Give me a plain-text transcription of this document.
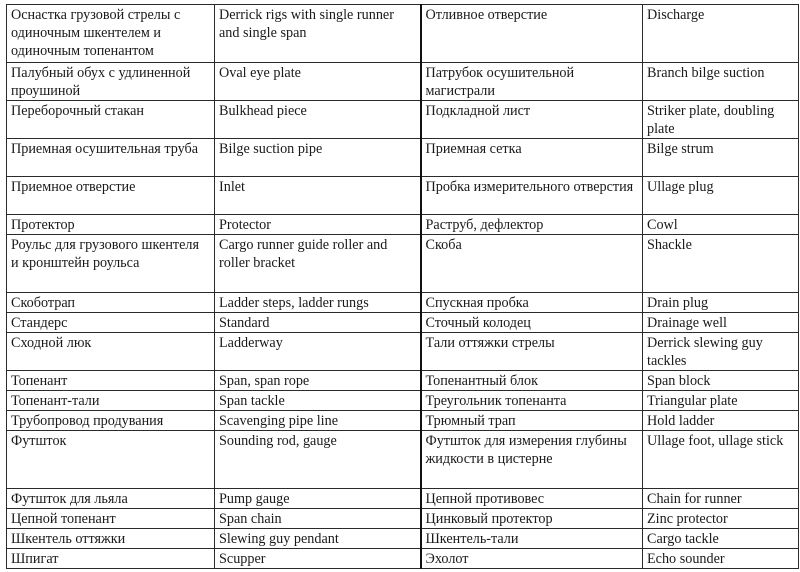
Оснастка грузовой стрелы с одиночным шкентелем и одиночным топенантом	Derrick rigs with single runner and single span	Отливное отверстие	Discharge
Палубный обух с удлиненной проушиной	Oval eye plate	Патрубок осушительной магистрали	Branch bilge suction
Переборочный стакан	Bulkhead piece	Подкладной лист	Striker plate, doubling plate
Приемная осушительная труба	Bilge suction pipe	Приемная сетка	Bilge strum
Приемное отверстие	Inlet	Пробка измерительного отверстия	Ullage plug
Протектор	Protector	Раструб, дефлектор	Cowl
Роульс для грузового шкентеля и кронштейн роульса	Cargo runner guide roller and roller bracket	Скоба	Shackle
Скоботрап	Ladder steps, ladder rungs	Спускная пробка	Drain plug
Стандерс	Standard	Сточный колодец	Drainage well
Сходной люк	Ladderway	Тали оттяжки стрелы	Derrick slewing guy tackles
Топенант	Span, span rope	Топенантный блок	Span block
Топенант-тали	Span tackle	Треугольник топенанта	Triangular plate
Трубопровод продувания	Scavenging pipe line	Трюмный трап	Hold ladder
Футшток	Sounding rod, gauge	Футшток для измерения глубины жидкости в цистерне	Ullage foot, ullage stick
Футшток для льяла	Pump gauge	Цепной противовес	Chain for runner
Цепной топенант	Span chain	Цинковый протектор	Zinc protector
Шкентель оттяжки	Slewing guy pendant	Шкентель-тали	Cargo tackle
Шпигат	Scupper	Эхолот	Echo sounder
